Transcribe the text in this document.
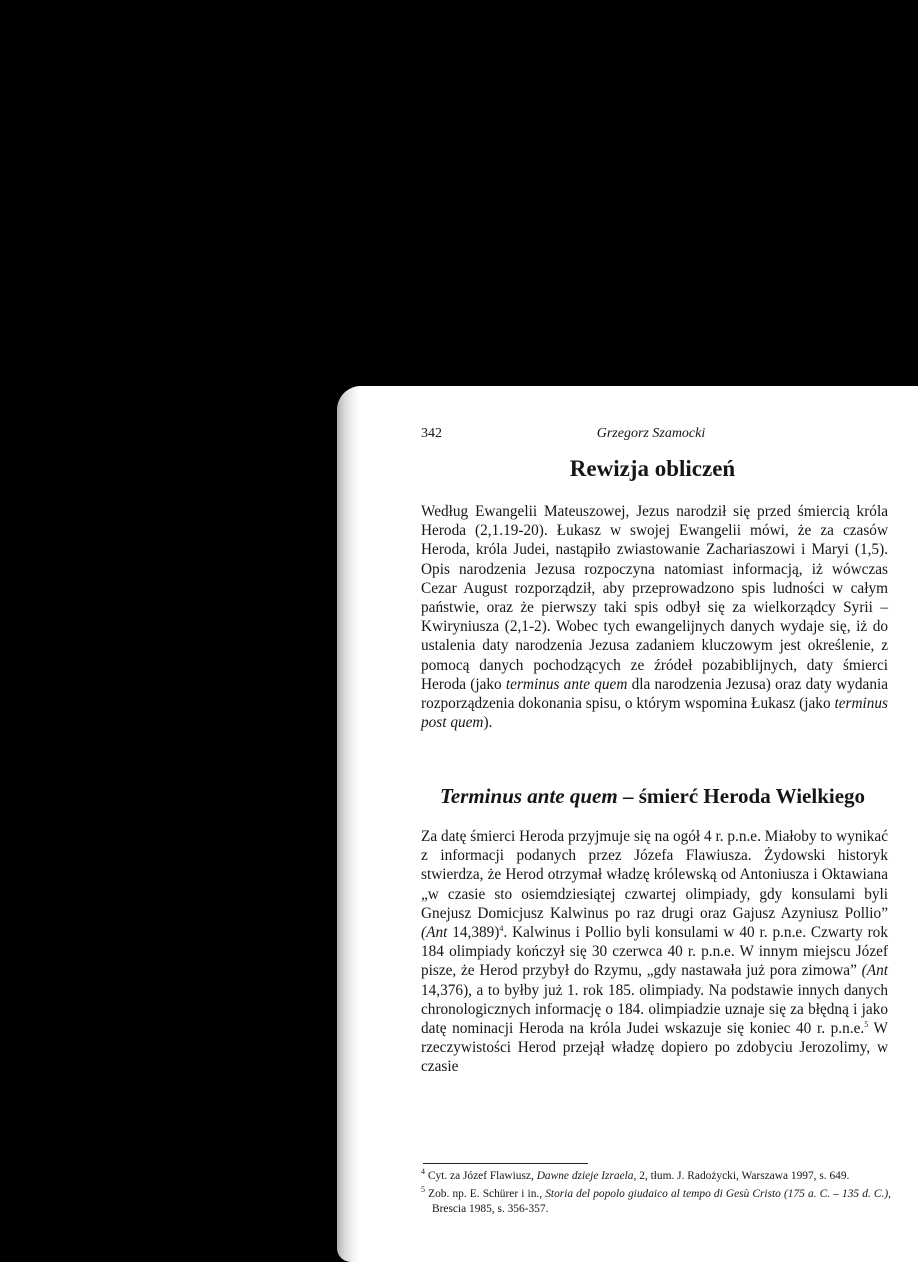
342	Grzegorz Szamocki
Rewizja obliczeń

Według Ewangelii Mateuszowej, Jezus narodził się przed śmiercią króla Heroda (2,1.19-20). Łukasz w swojej Ewangelii mówi, że za czasów Heroda, króla Judei, nastąpiło zwiastowanie Zachariaszowi i Maryi (1,5). Opis narodzenia Jezusa rozpoczyna natomiast informacją, iż wówczas Cezar August rozporządził, aby przeprowadzono spis ludności w całym państwie, oraz że pierwszy taki spis odbył się za wielkorządcy Syrii – Kwiryniusza (2,1-2). Wobec tych ewangelijnych danych wydaje się, iż do ustalenia daty narodzenia Jezusa zadaniem kluczowym jest określenie, z pomocą danych pochodzących ze źródeł pozabiblijnych, daty śmierci Heroda (jako terminus ante quem dla narodzenia Jezusa) oraz daty wydania rozporządzenia dokonania spisu, o którym wspomina Łukasz (jako terminus post quem).

Terminus ante quem – śmierć Heroda Wielkiego

Za datę śmierci Heroda przyjmuje się na ogół 4 r. p.n.e. Miałoby to wynikać z informacji podanych przez Józefa Flawiusza. Żydowski historyk stwierdza, że Herod otrzymał władzę królewską od Antoniusza i Oktawiana „w czasie sto osiemdziesiątej czwartej olimpiady, gdy konsulami byli Gnejusz Domicjusz Kalwinus po raz drugi oraz Gajusz Azyniusz Pollio” (Ant 14,389)$^4$. Kalwinus i Pollio byli konsulami w 40 r. p.n.e. Czwarty rok 184 olimpiady kończył się 30 czerwca 40 r. p.n.e. W innym miejscu Józef pisze, że Herod przybył do Rzymu, „gdy nastawała już pora zimowa” (Ant 14,376), a to byłby już 1. rok 185. olimpiady. Na podstawie innych danych chronologicznych informację o 184. olimpiadzie uznaje się za błędną i jako datę nominacji Heroda na króla Judei wskazuje się koniec 40 r. p.n.e.$^5$ W rzeczywistości Herod przejął władzę dopiero po zdobyciu Jerozolimy, w czasie

$^4$ Cyt. za Józef Flawiusz, Dawne dzieje Izraela, 2, tłum. J. Radożycki, Warszawa 1997, s. 649.

$^5$ Zob. np. E. Schürer i in., Storia del popolo giudaico al tempo di Gesù Cristo (175 a. C. – 135 d. C.), Brescia 1985, s. 356-357.
